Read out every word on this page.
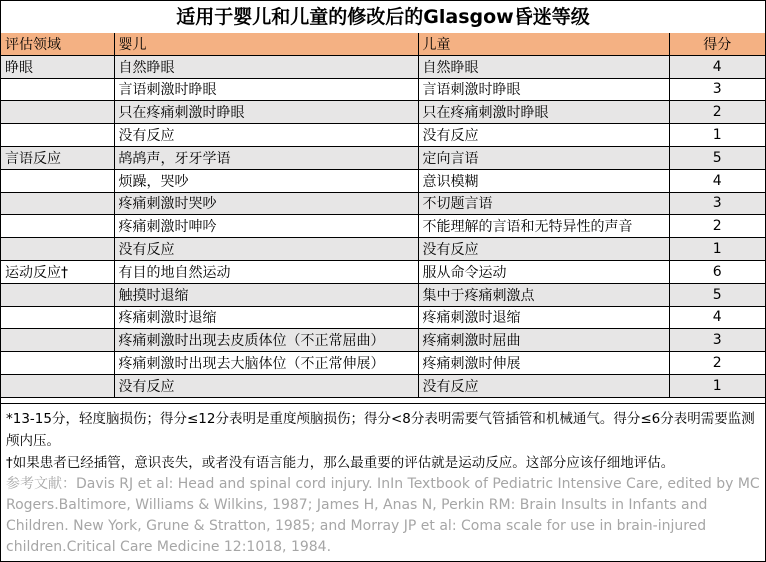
适用于婴儿和儿童的修改后的Glasgow昏迷等级
评估领域	婴儿	儿童	得分
睁眼	自然睁眼	自然睁眼	4
	言语刺激时睁眼	言语刺激时睁眼	3
	只在疼痛刺激时睁眼	只在疼痛刺激时睁眼	2
	没有反应	没有反应	1
言语反应	鸪鸪声，牙牙学语	定向言语	5
	烦躁，哭吵	意识模糊	4
	疼痛刺激时哭吵	不切题言语	3
	疼痛刺激时呻吟	不能理解的言语和无特异性的声音	2
	没有反应	没有反应	1
运动反应†	有目的地自然运动	服从命令运动	6
	触摸时退缩	集中于疼痛刺激点	5
	疼痛刺激时退缩	疼痛刺激时退缩	4
	疼痛刺激时出现去皮质体位（不正常屈曲）	疼痛刺激时屈曲	3
	疼痛刺激时出现去大脑体位（不正常伸展）	疼痛刺激时伸展	2
	没有反应	没有反应	1

*13-15分，轻度脑损伤；得分≤12分表明是重度颅脑损伤；得分<8分表明需要气管插管和机械通气。得分≤6分表明需要监测颅内压。

†如果患者已经插管，意识丧失，或者没有语言能力，那么最重要的评估就是运动反应。这部分应该仔细地评估。

参考文献：Davis RJ et al: Head and spinal cord injury. InIn Textbook of Pediatric Intensive Care, edited by MC Rogers.Baltimore, Williams & Wilkins, 1987; James H, Anas N, Perkin RM: Brain Insults in Infants and Children. New York, Grune & Stratton, 1985; and Morray JP et al: Coma scale for use in brain-injured children.Critical Care Medicine 12:1018, 1984.
